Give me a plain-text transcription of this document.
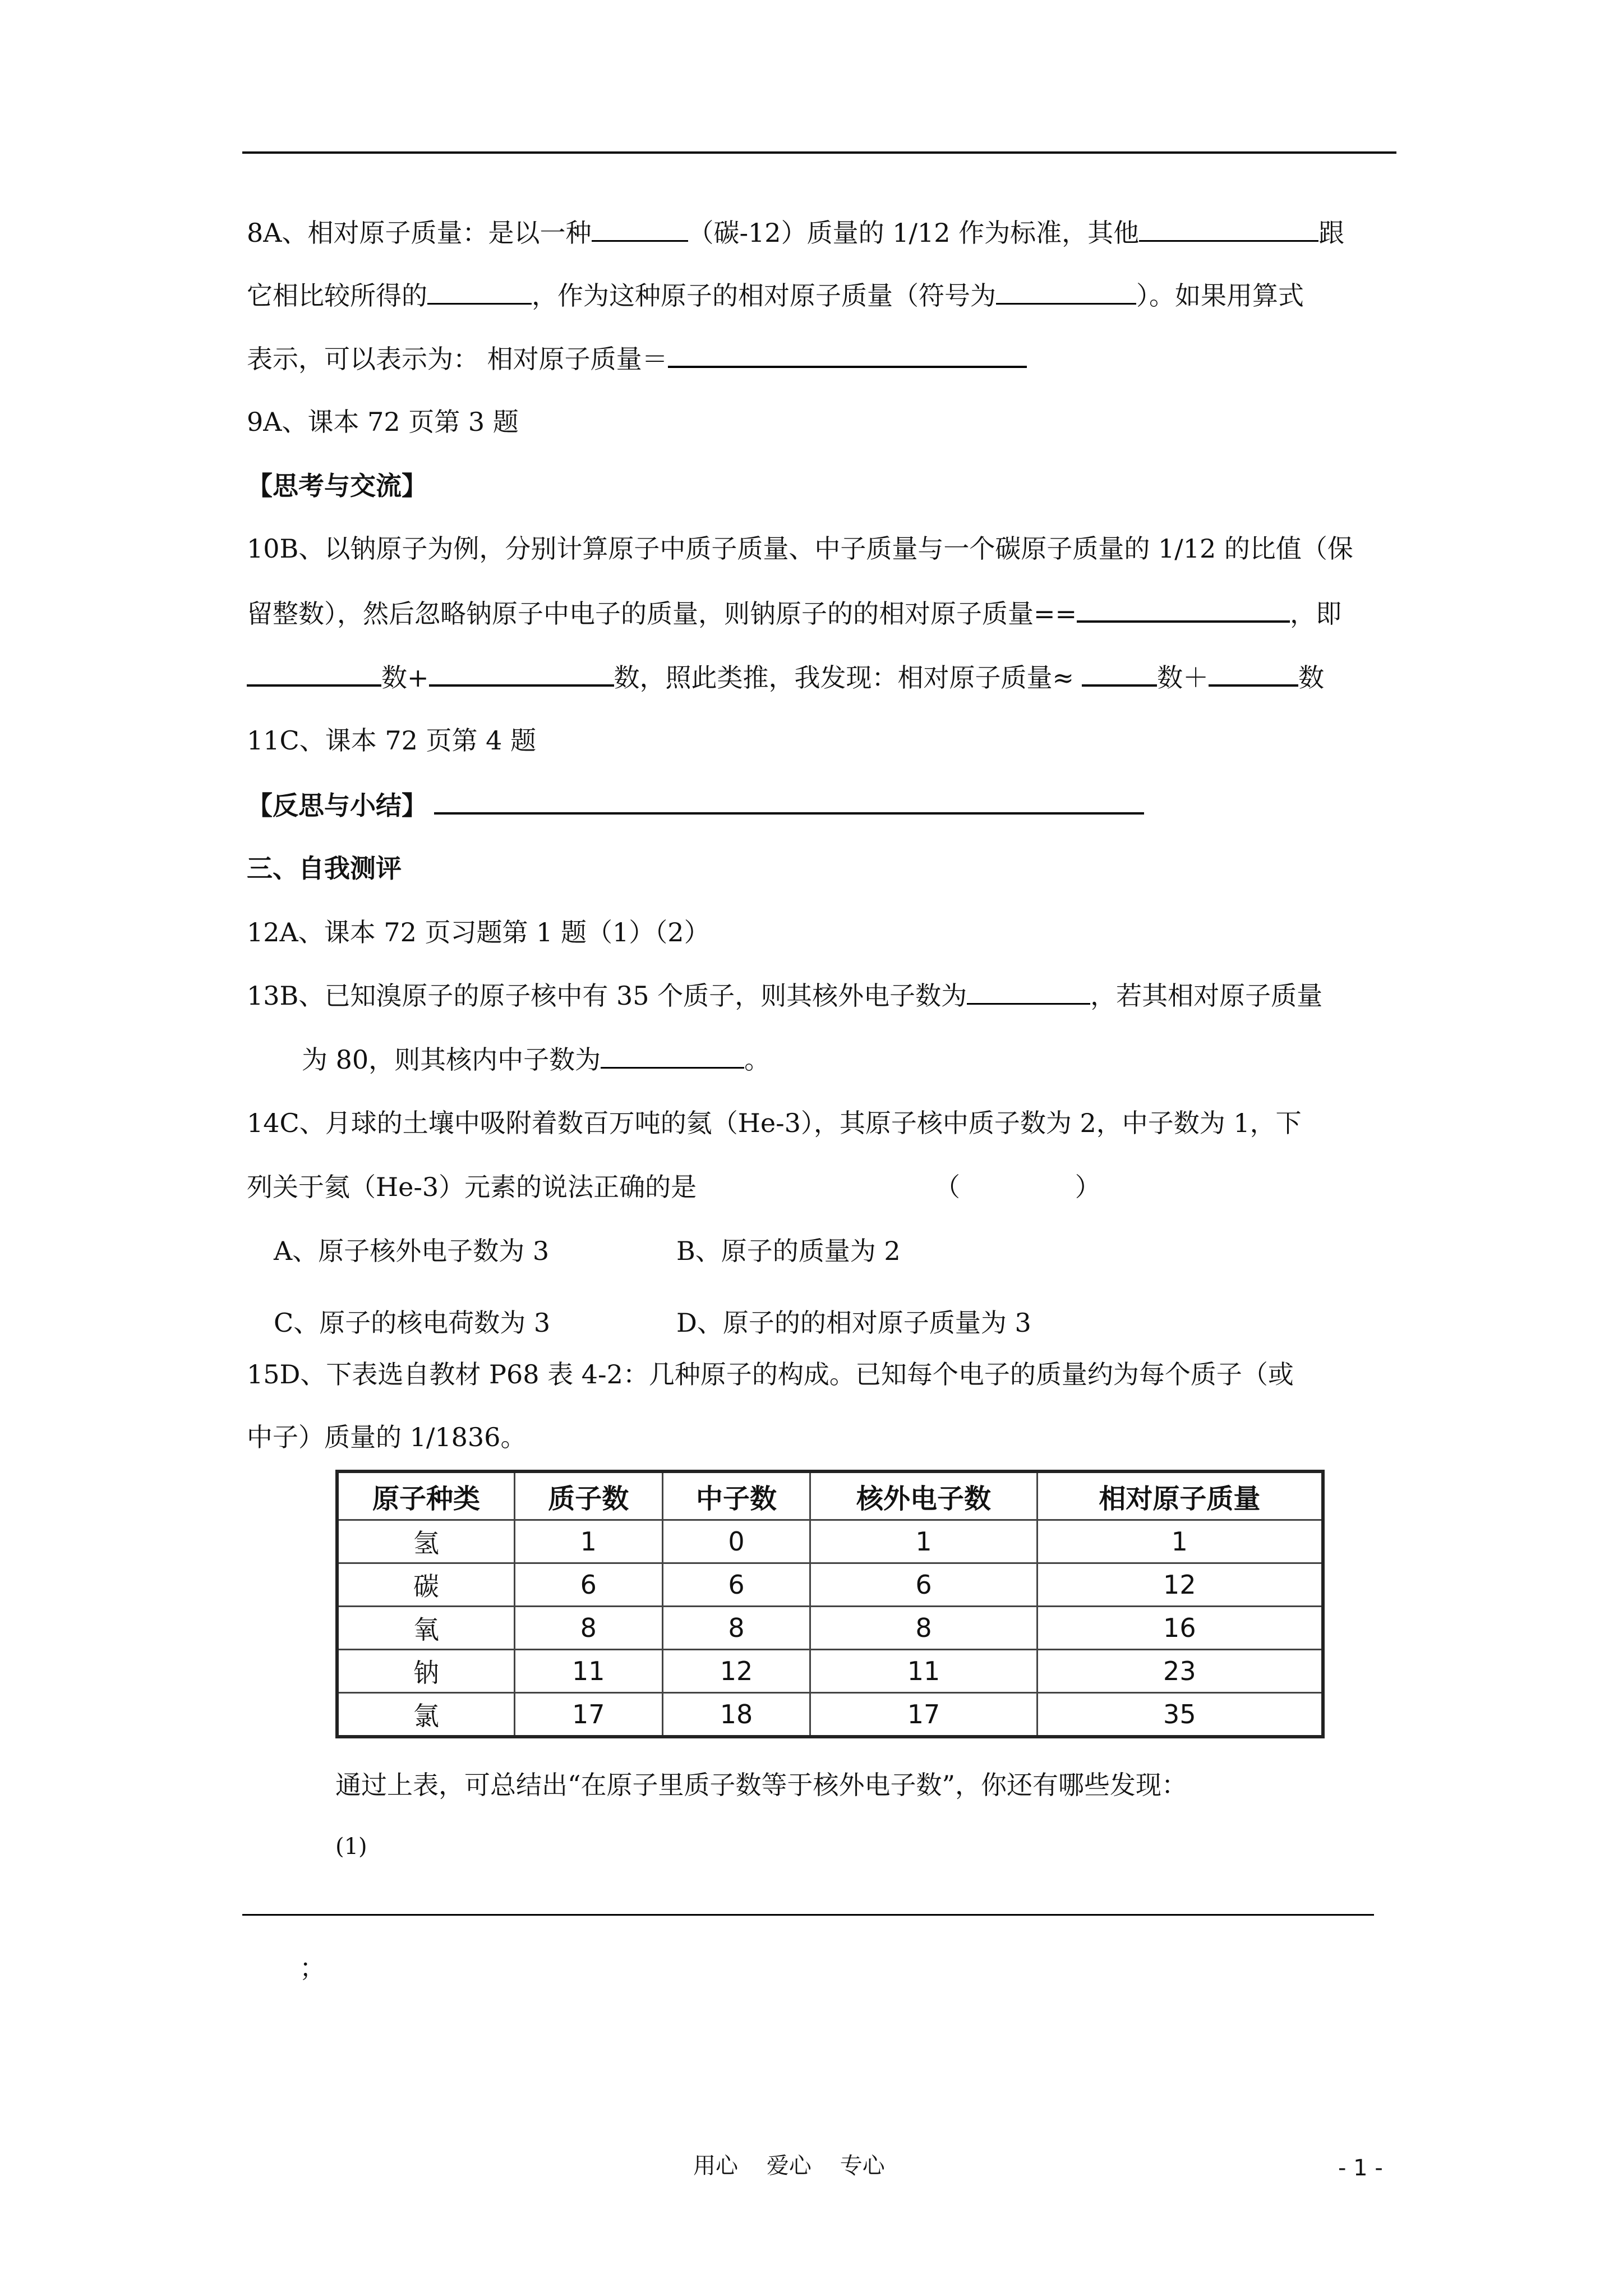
8A、相对原子质量：是以一种	（碳-12）质量的 1/12 作为标准，其他	跟
它相比较所得的	，作为这种原子的相对原子质量（符号为	）。如果用算式
表示，可以表示为： 相对原子质量＝
9A、课本 72 页第 3 题
【思考与交流】
10B、以钠原子为例，分别计算原子中质子质量、中子质量与一个碳原子质量的 1/12 的比值（保
留整数），然后忽略钠原子中电子的质量，则钠原子的的相对原子质量==	，即
数+	数，照此类推，我发现：相对原子质量≈	数＋	数
11C、课本 72 页第 4 题
【反思与小结】
三、自我测评
12A、课本 72 页习题第 1 题（1）（2）
13B、已知溴原子的原子核中有 35 个质子，则其核外电子数为	，若其相对原子质量
为 80，则其核内中子数为	。
14C、月球的土壤中吸附着数百万吨的氦（He-3），其原子核中质子数为 2，中子数为 1，下
列关于氦（He-3）元素的说法正确的是	（              ）
A、原子核外电子数为 3	B、原子的质量为 2
C、原子的核电荷数为 3	D、原子的的相对原子质量为 3
15D、下表选自教材 P68 表 4-2：几种原子的构成。已知每个电子的质量约为每个质子（或
中子）质量的 1/1836。
原子种类	质子数	中子数	核外电子数	相对原子质量
氢	1	0	1	1
碳	6	6	6	12
氧	8	8	8	16
钠	11	12	11	23
氯	17	18	17	35
通过上表，可总结出“在原子里质子数等于核外电子数”，你还有哪些发现：
(1)
；
用心    爱心    专心	- 1 -
